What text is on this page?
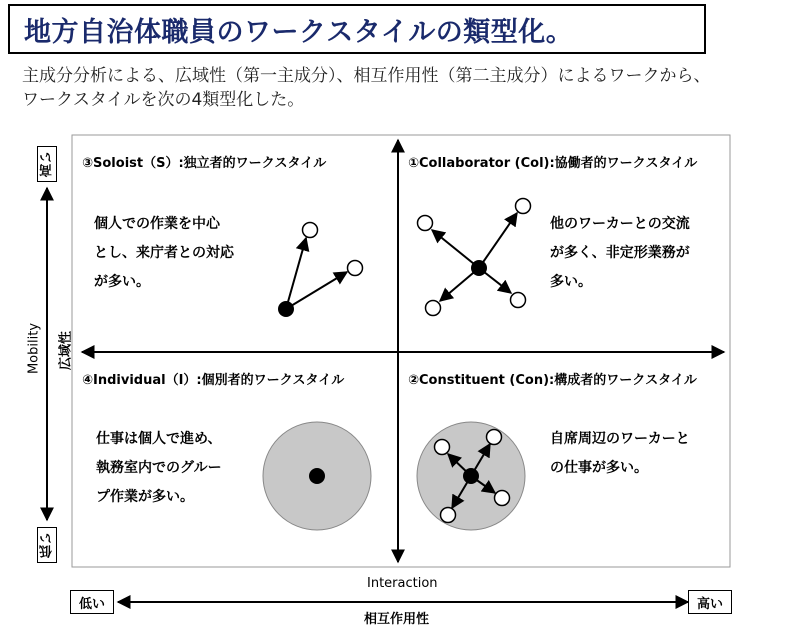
地方自治体職員のワークスタイルの類型化。
主成分分析による、広域性（第一主成分）、相互作用性（第二主成分）によるワークから、
ワークスタイルを次の4類型化した。
③Soloist（S）:独立者的ワークスタイル
個人での作業を中心
とし、来庁者との対応
が多い。
①Collaborator (Col):協働者的ワークスタイル
他のワーカーとの交流
が多く、非定形業務が
多い。
④Individual（I）:個別者的ワークスタイル
仕事は個人で進め、
執務室内でのグルー
プ作業が多い。
②Constituent (Con):構成者的ワークスタイル
自席周辺のワーカーと
の仕事が多い。
高い
低い
Mobility	広域性
Interaction
相互作用性
低い	高い
